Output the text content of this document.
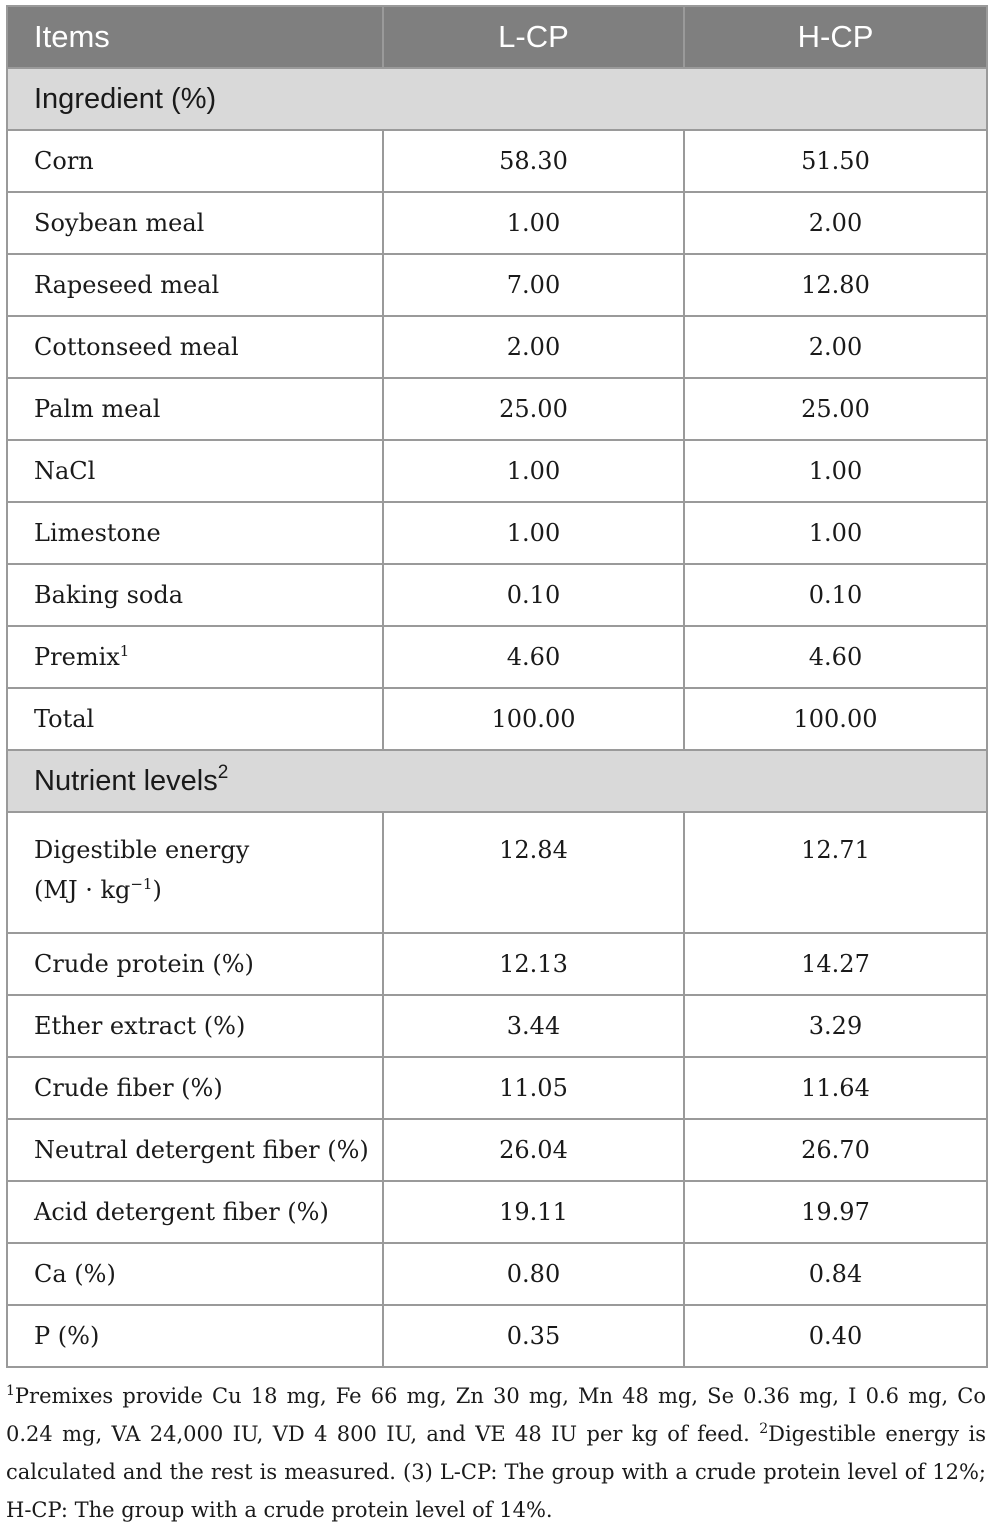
Items	L-CP	H-CP
Ingredient (%)		
Corn	58.30	51.50
Soybean meal	1.00	2.00
Rapeseed meal	7.00	12.80
Cottonseed meal	2.00	2.00
Palm meal	25.00	25.00
NaCl	1.00	1.00
Limestone	1.00	1.00
Baking soda	0.10	0.10
Premix$^1$	4.60	4.60
Total	100.00	100.00
Nutrient levels$^2$
Digestible energy
$(MJ \cdot kg^{-1})$	12.84	12.71
Crude protein (%)	12.13	14.27
Ether extract (%)	3.44	3.29
Crude fiber (%)	11.05	11.64
Neutral detergent fiber (%)	26.04	26.70
Acid detergent fiber (%)	19.11	19.97
Ca (%)	0.80	0.84
P (%)	0.35	0.40

$^1$Premixes provide Cu 18 mg, Fe 66 mg, Zn 30 mg, Mn 48 mg, Se 0.36 mg, I 0.6 mg, Co 0.24 mg, VA 24,000 IU, VD 4 800 IU, and VE 48 IU per kg of feed. $^2$Digestible energy is calculated and the rest is measured. (3) L-CP: The group with a crude protein level of 12%; H-CP: The group with a crude protein level of 14%.
